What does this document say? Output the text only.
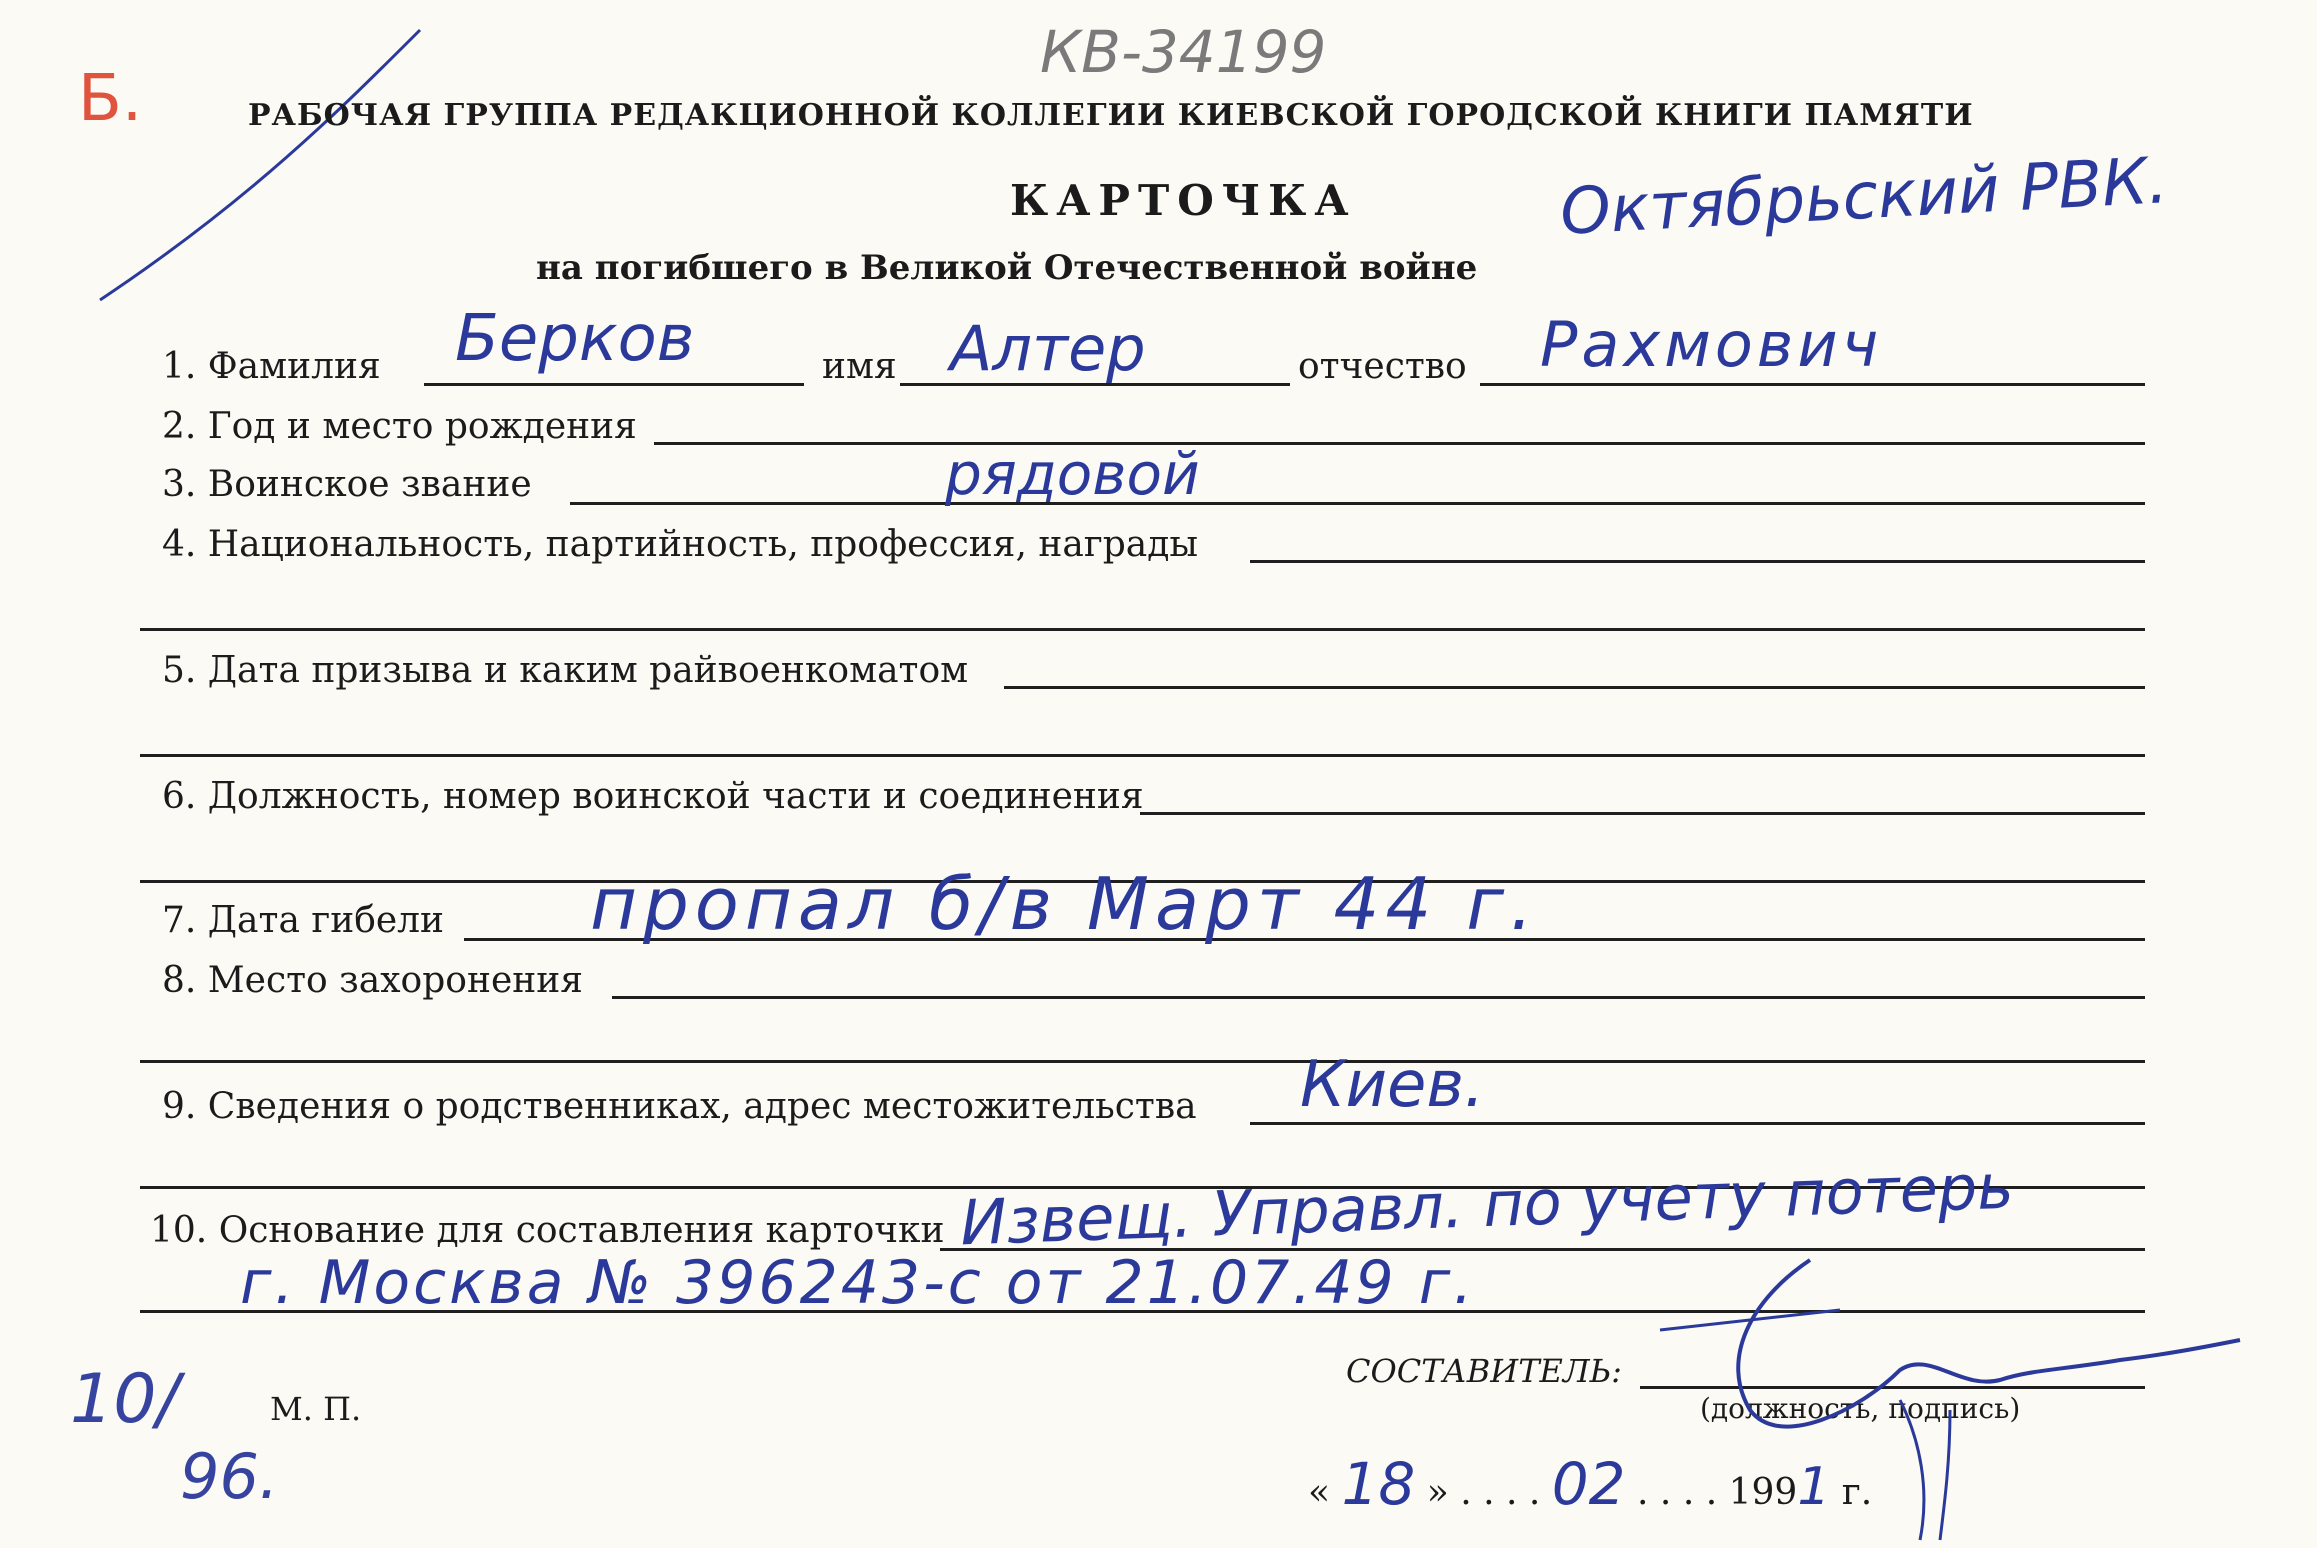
Б.
КВ-34199
РАБОЧАЯ ГРУППА РЕДАКЦИОННОЙ КОЛЛЕГИИ КИЕВСКОЙ ГОРОДСКОЙ КНИГИ ПАМЯТИ
КАРТОЧКА
на погибшего в Великой Отечественной войне
Октябрьский РВК.
1. Фамилия Берков	имя Алтер	отчество Рахмович
2. Год и место рождения
3. Воинское звание	рядовой
4. Национальность, партийность, профессия, награды
5. Дата призыва и каким райвоенкоматом
6. Должность, номер воинской части и соединения
7. Дата гибели пропал б/в Март 44 г.
8. Место захоронения
9. Сведения о родственниках, адрес местожительства Киев.
10. Основание для составления карточки Извещ. Управл. по учету потерь
г. Москва № 396243-с от 21.07.49 г.
СОСТАВИТЕЛЬ:
(должность, подпись)
М. П.
« 18 » . . . . 02 . . . . 1991 г.
10/
96.
